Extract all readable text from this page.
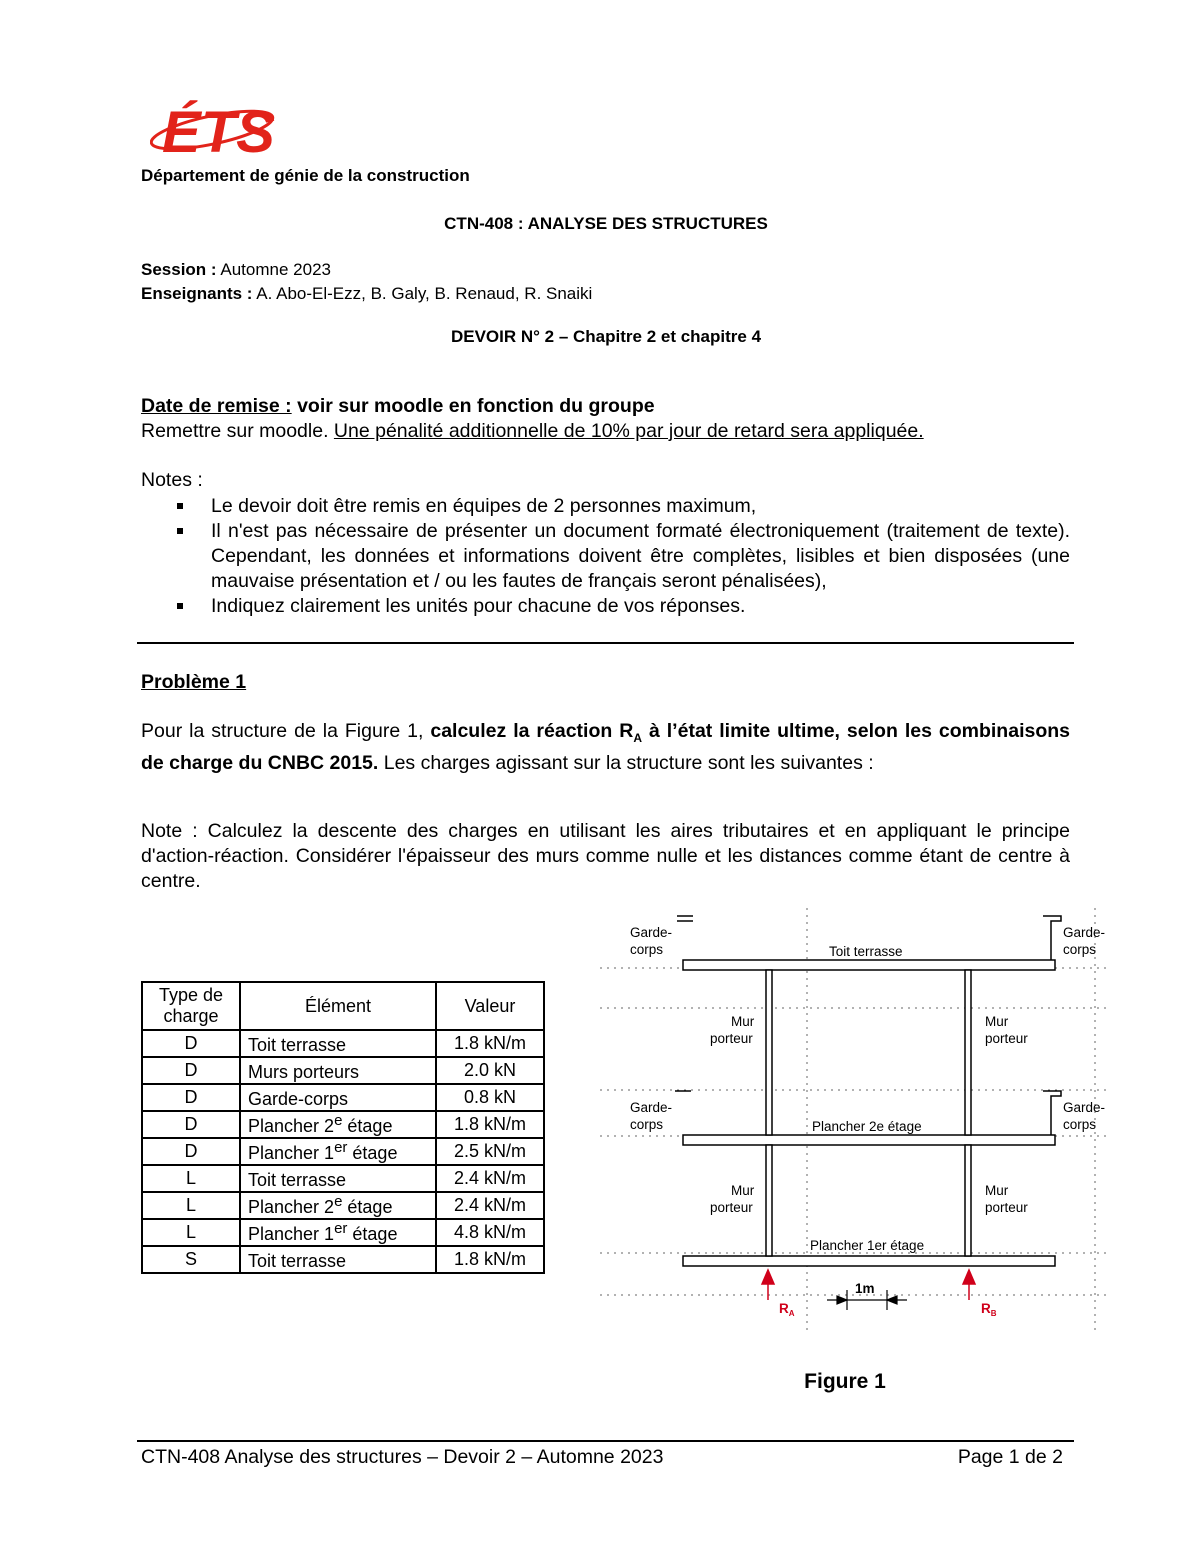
ÉTS
Département de génie de la construction
CTN-408 : ANALYSE DES STRUCTURES
Session : Automne 2023
Enseignants : A. Abo-El-Ezz, B. Galy, B. Renaud, R. Snaiki
DEVOIR N° 2 – Chapitre 2 et chapitre 4
Date de remise : voir sur moodle en fonction du groupe
Remettre sur moodle. Une pénalité additionnelle de 10% par jour de retard sera appliquée.
Notes :
Le devoir doit être remis en équipes de 2 personnes maximum,
Il n'est pas nécessaire de présenter un document formaté électroniquement (traitement de texte). Cependant, les données et informations doivent être complètes, lisibles et bien disposées (une mauvaise présentation et / ou les fautes de français seront pénalisées),
Indiquez clairement les unités pour chacune de vos réponses.
Problème 1
Pour la structure de la Figure 1, calculez la réaction $R_A$ à l’état limite ultime, selon les combinaisons de charge du CNBC 2015. Les charges agissant sur la structure sont les suivantes :
Note : Calculez la descente des charges en utilisant les aires tributaires et en appliquant le principe d'action-réaction. Considérer l'épaisseur des murs comme nulle et les distances comme étant de centre à centre.
Type de charge	Élément	Valeur
D	Toit terrasse	1.8 kN/m
D	Murs porteurs	2.0 kN
D	Garde-corps	0.8 kN
D	Plancher 2e étage	1.8 kN/m
D	Plancher 1er étage	2.5 kN/m
L	Toit terrasse	2.4 kN/m
L	Plancher 2e étage	2.4 kN/m
L	Plancher 1er étage	4.8 kN/m
S	Toit terrasse	1.8 kN/m
Garde-
corps
Garde-
corps
Toit terrasse
Mur
porteur
Mur
porteur
Garde-
corps
Garde-
corps
Plancher 2e étage
Mur
porteur
Mur
porteur
Plancher 1er étage
1m
$R_A$	$R_B$
Figure 1
CTN-408 Analyse des structures – Devoir 2 – Automne 2023	Page 1 de 2
